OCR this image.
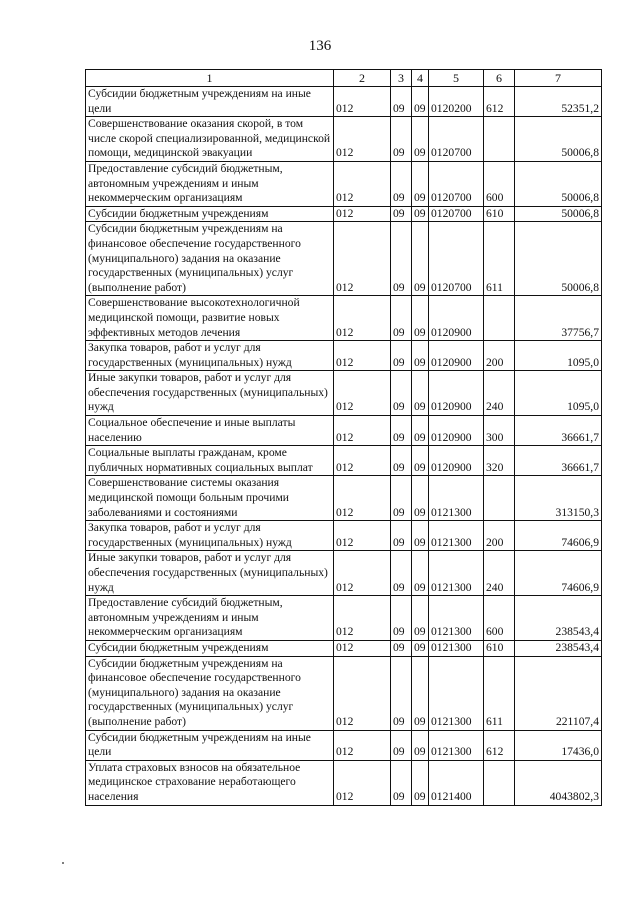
136
1	2	3	4	5	6	7
Субсидии бюджетным учреждениям на иные цели	012	09	09	0120200	612	52351,2
Совершенствование оказания скорой, в том числе скорой специализированной, медицинской помощи, медицинской эвакуации	012	09	09	0120700		50006,8
Предоставление субсидий бюджетным, автономным учреждениям и иным некоммерческим организациям	012	09	09	0120700	600	50006,8
Субсидии бюджетным учреждениям	012	09	09	0120700	610	50006,8
Субсидии бюджетным учреждениям на финансовое обеспечение государственного (муниципального) задания на оказание государственных (муниципальных) услуг (выполнение работ)	012	09	09	0120700	611	50006,8
Совершенствование высокотехнологичной медицинской помощи, развитие новых эффективных методов лечения	012	09	09	0120900		37756,7
Закупка товаров, работ и услуг для государственных (муниципальных) нужд	012	09	09	0120900	200	1095,0
Иные закупки товаров, работ и услуг для обеспечения государственных (муниципальных) нужд	012	09	09	0120900	240	1095,0
Социальное обеспечение и иные выплаты населению	012	09	09	0120900	300	36661,7
Социальные выплаты гражданам, кроме публичных нормативных социальных выплат	012	09	09	0120900	320	36661,7
Совершенствование системы оказания медицинской помощи больным прочими заболеваниями и состояниями	012	09	09	0121300		313150,3
Закупка товаров, работ и услуг для государственных (муниципальных) нужд	012	09	09	0121300	200	74606,9
Иные закупки товаров, работ и услуг для обеспечения государственных (муниципальных) нужд	012	09	09	0121300	240	74606,9
Предоставление субсидий бюджетным, автономным учреждениям и иным некоммерческим организациям	012	09	09	0121300	600	238543,4
Субсидии бюджетным учреждениям	012	09	09	0121300	610	238543,4
Субсидии бюджетным учреждениям на финансовое обеспечение государственного (муниципального) задания на оказание государственных (муниципальных) услуг (выполнение работ)	012	09	09	0121300	611	221107,4
Субсидии бюджетным учреждениям на иные цели	012	09	09	0121300	612	17436,0
Уплата страховых взносов на обязательное медицинское страхование неработающего населения	012	09	09	0121400		4043802,3
